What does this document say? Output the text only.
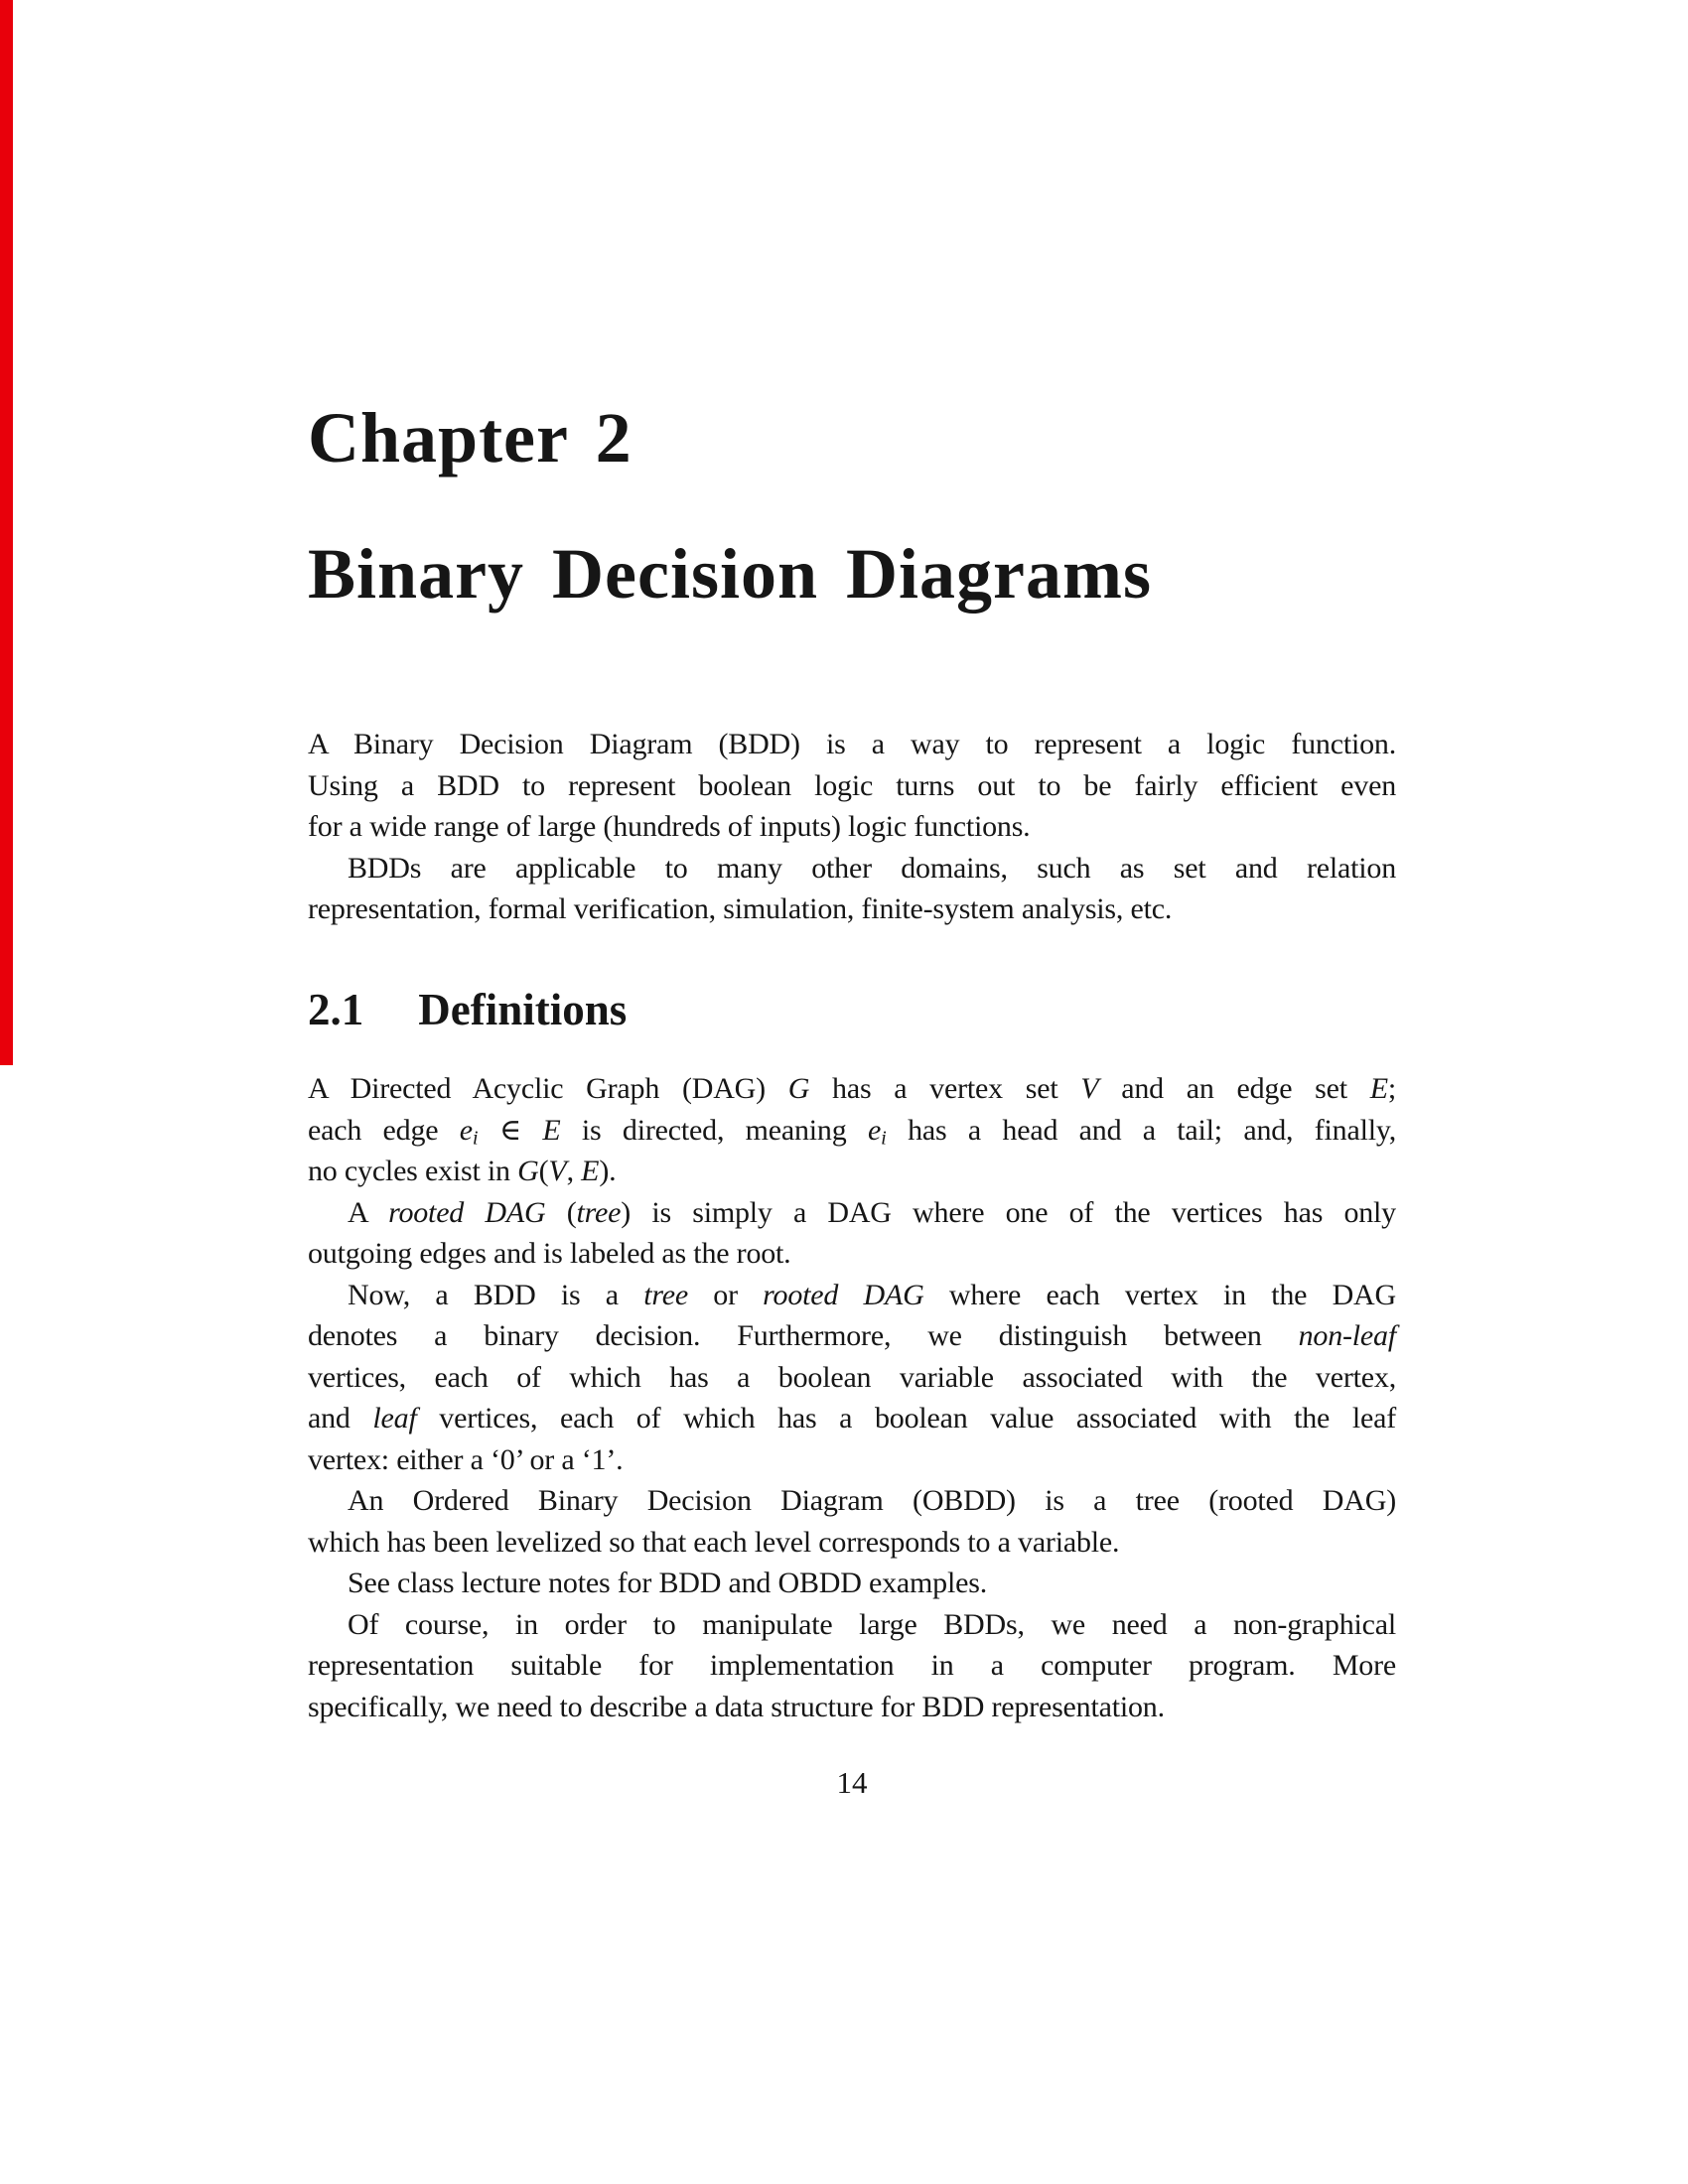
Chapter 2
Binary Decision Diagrams
2.1 Definitions
A Binary Decision Diagram (BDD) is a way to represent a logic function.
Using a BDD to represent boolean logic turns out to be fairly efficient even
for a wide range of large (hundreds of inputs) logic functions.
BDDs are applicable to many other domains, such as set and relation
representation, formal verification, simulation, finite-system analysis, etc.
A Directed Acyclic Graph (DAG) G has a vertex set V and an edge set E;
each edge ei ∈ E is directed, meaning ei has a head and a tail; and, finally,
no cycles exist in G(V, E).
A rooted DAG (tree) is simply a DAG where one of the vertices has only
outgoing edges and is labeled as the root.
Now, a BDD is a tree or rooted DAG where each vertex in the DAG
denotes a binary decision. Furthermore, we distinguish between non-leaf
vertices, each of which has a boolean variable associated with the vertex,
and leaf vertices, each of which has a boolean value associated with the leaf
vertex: either a ‘0’ or a ‘1’.
An Ordered Binary Decision Diagram (OBDD) is a tree (rooted DAG)
which has been levelized so that each level corresponds to a variable.
See class lecture notes for BDD and OBDD examples.
Of course, in order to manipulate large BDDs, we need a non-graphical
representation suitable for implementation in a computer program. More
specifically, we need to describe a data structure for BDD representation.
14
